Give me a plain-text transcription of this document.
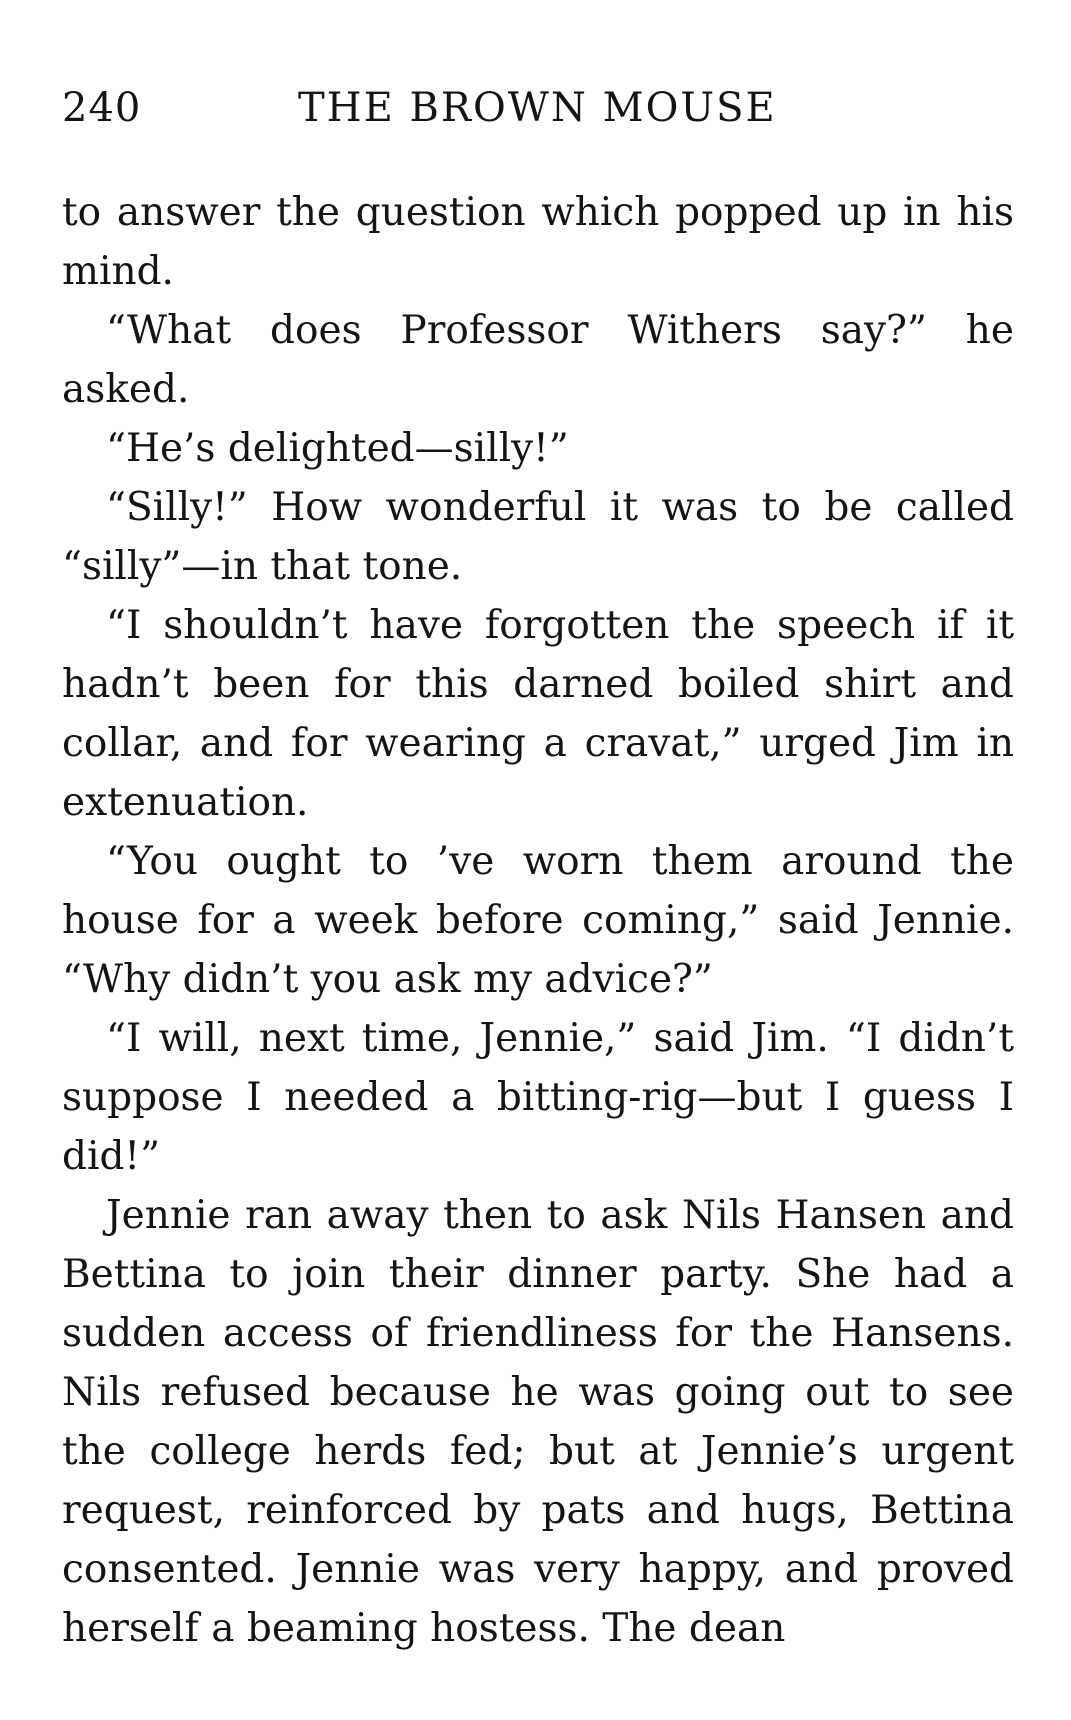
240	THE BROWN MOUSE

to answer the question which popped up in his mind.

“What does Professor Withers say?” he asked.

“He’s delighted—silly!”

“Silly!” How wonderful it was to be called “silly”—in that tone.

“I shouldn’t have forgotten the speech if it hadn’t been for this darned boiled shirt and collar, and for wearing a cravat,” urged Jim in extenuation.

“You ought to ’ve worn them around the house for a week before coming,” said Jennie. “Why didn’t you ask my advice?”

“I will, next time, Jennie,” said Jim. “I didn’t suppose I needed a bitting-rig—but I guess I did!”

Jennie ran away then to ask Nils Hansen and Bettina to join their dinner party. She had a sudden access of friendliness for the Hansens. Nils refused because he was going out to see the college herds fed; but at Jennie’s urgent request, reinforced by pats and hugs, Bettina consented. Jennie was very happy, and proved herself a beaming hostess. The dean
